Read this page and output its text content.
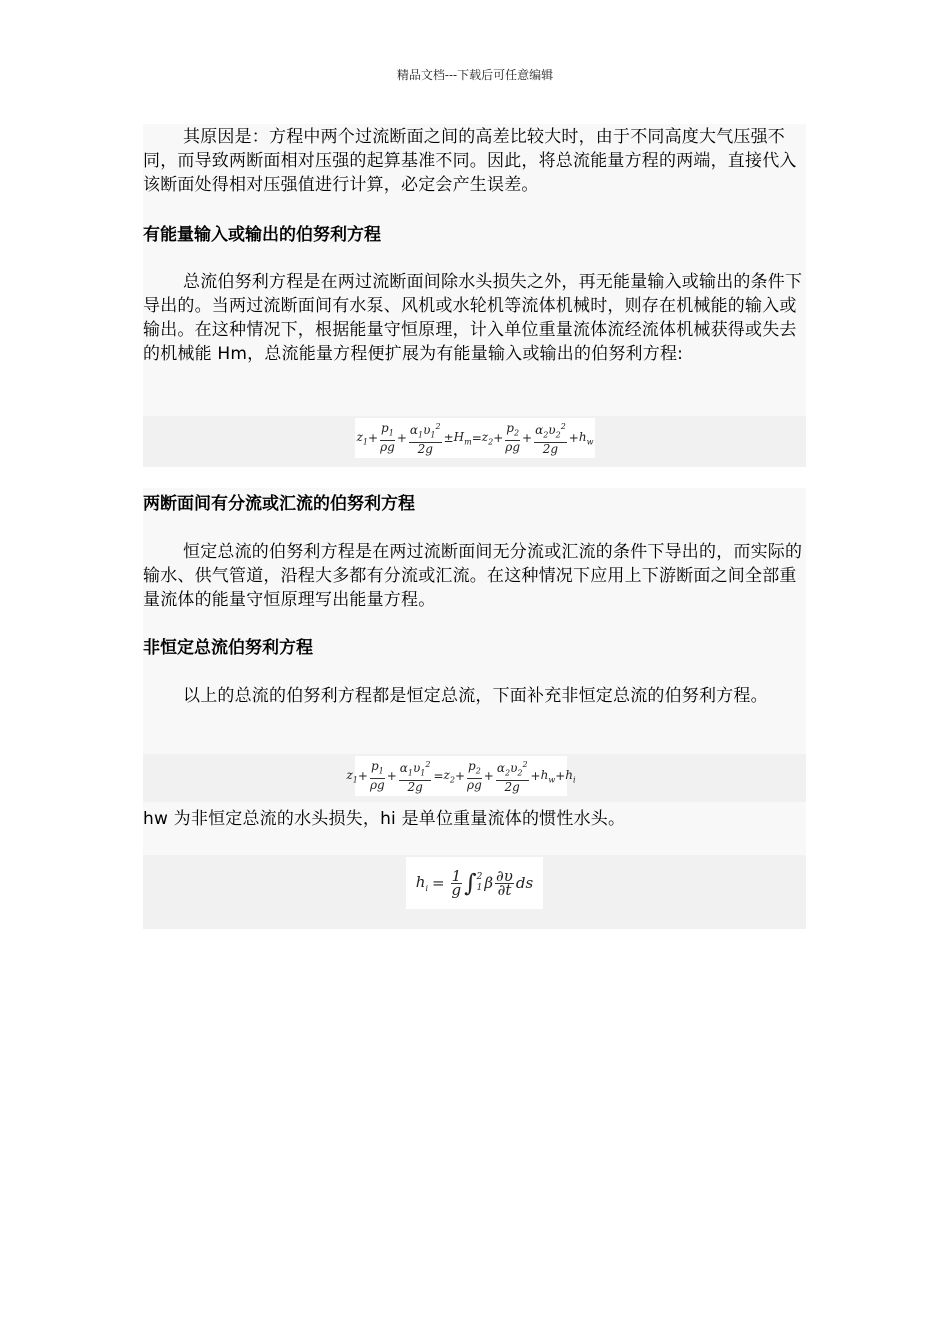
精品文档---下载后可任意编辑
其原因是：方程中两个过流断面之间的高差比较大时，由于不同高度大气压强不同，而导致两断面相对压强的起算基准不同。因此，将总流能量方程的两端，直接代入该断面处得相对压强值进行计算，必定会产生误差。
有能量输入或输出的伯努利方程
总流伯努利方程是在两过流断面间除水头损失之外，再无能量输入或输出的条件下导出的。当两过流断面间有水泵、风机或水轮机等流体机械时，则存在机械能的输入或输出。在这种情况下，根据能量守恒原理，计入单位重量流体流经流体机械获得或失去的机械能 Hm，总流能量方程便扩展为有能量输入或输出的伯努利方程:
$z_1 + \frac{p_1}{\rho g} + \frac{\alpha_1\upsilon_1^2}{2g} \pm H_m = z_2 + \frac{p_2}{\rho g} + \frac{\alpha_2\upsilon_2^2}{2g} + h_w$
两断面间有分流或汇流的伯努利方程
恒定总流的伯努利方程是在两过流断面间无分流或汇流的条件下导出的，而实际的输水、供气管道，沿程大多都有分流或汇流。在这种情况下应用上下游断面之间全部重量流体的能量守恒原理写出能量方程。
非恒定总流伯努利方程
以上的总流的伯努利方程都是恒定总流，下面补充非恒定总流的伯努利方程。
$z_1 + \frac{p_1}{\rho g} + \frac{\alpha_1\upsilon_1^2}{2g} = z_2 + \frac{p_2}{\rho g} + \frac{\alpha_2\upsilon_2^2}{2g} + h_w + h_i$
hw 为非恒定总流的水头损失，hi 是单位重量流体的惯性水头。
$h_i = \frac{1}{g}$ ∫ 2
1 β $\frac{\partial\upsilon}{\partial t}$ ds
